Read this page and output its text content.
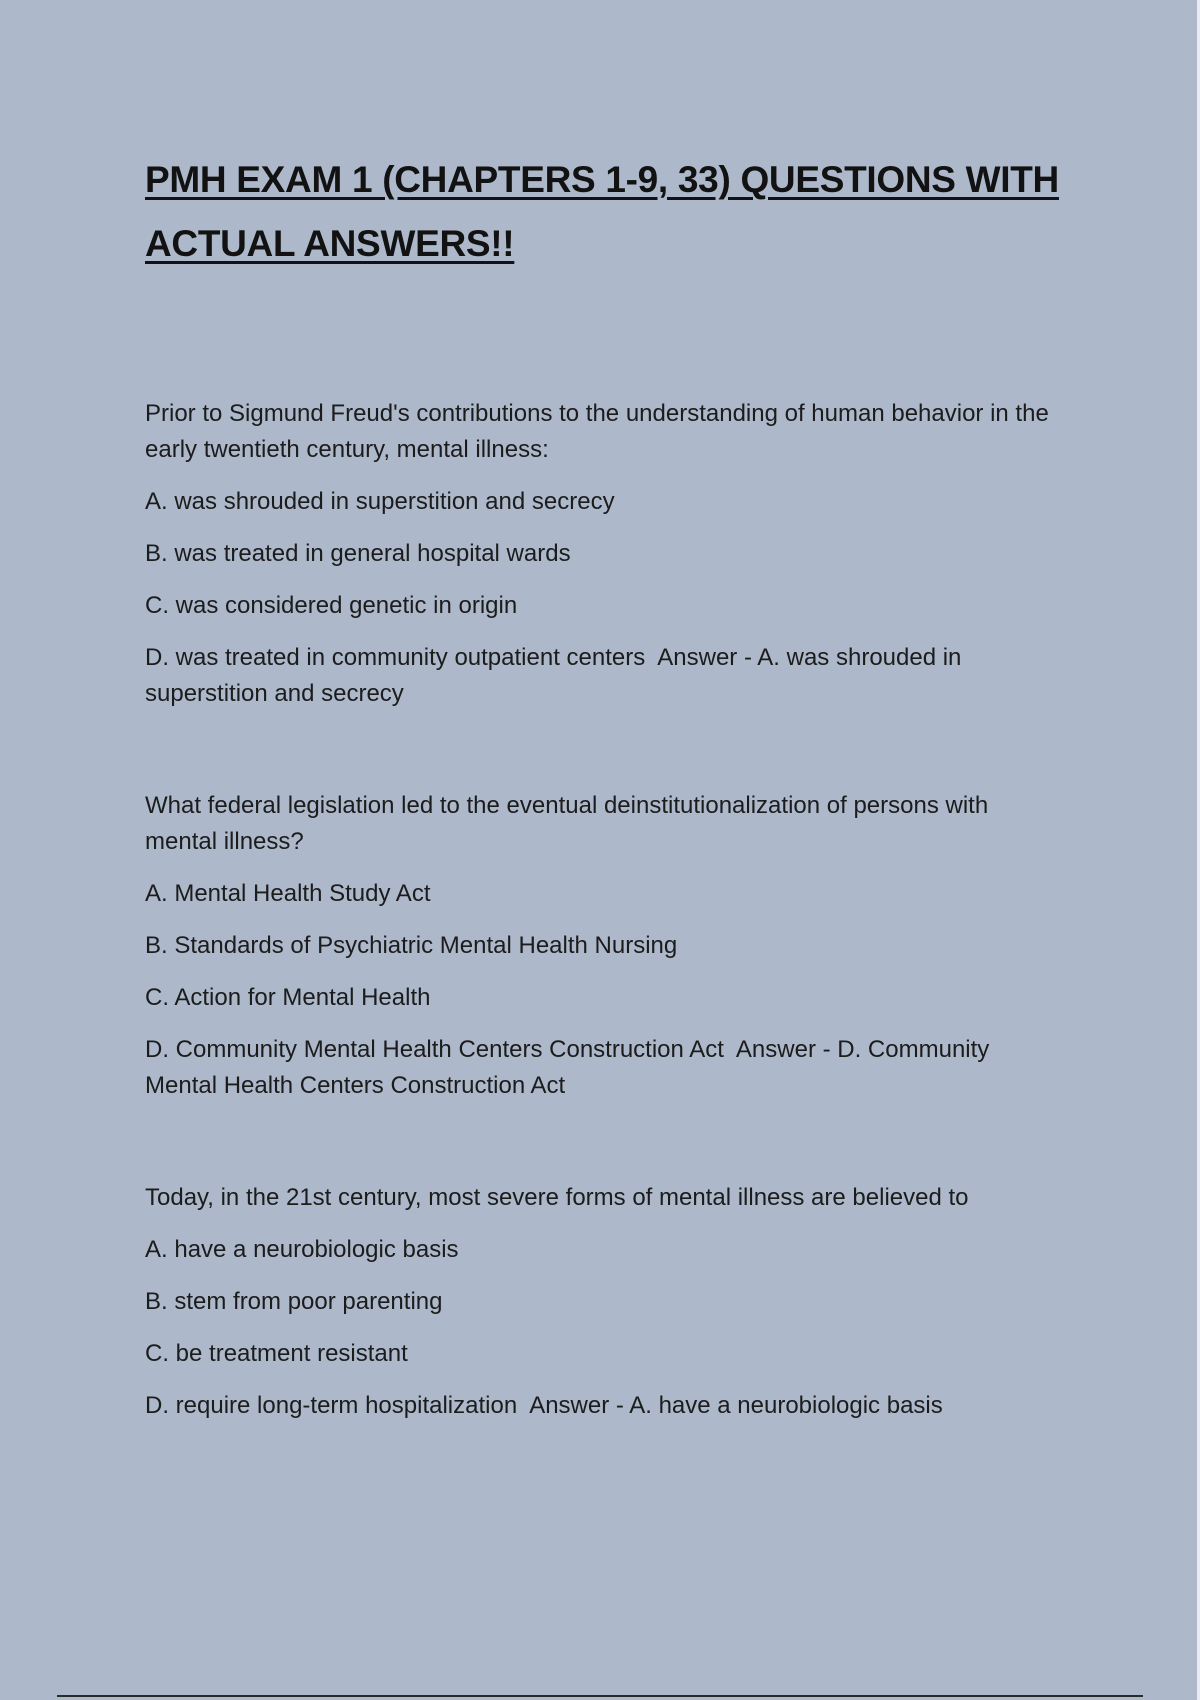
PMH EXAM 1 (CHAPTERS 1-9, 33) QUESTIONS WITH ACTUAL ANSWERS!!

Prior to Sigmund Freud's contributions to the understanding of human behavior in the early twentieth century, mental illness:

A. was shrouded in superstition and secrecy

B. was treated in general hospital wards

C. was considered genetic in origin

D. was treated in community outpatient centers  Answer - A. was shrouded in superstition and secrecy

What federal legislation led to the eventual deinstitutionalization of persons with mental illness?

A. Mental Health Study Act

B. Standards of Psychiatric Mental Health Nursing

C. Action for Mental Health

D. Community Mental Health Centers Construction Act  Answer - D. Community Mental Health Centers Construction Act

Today, in the 21st century, most severe forms of mental illness are believed to

A. have a neurobiologic basis

B. stem from poor parenting

C. be treatment resistant

D. require long-term hospitalization  Answer - A. have a neurobiologic basis
